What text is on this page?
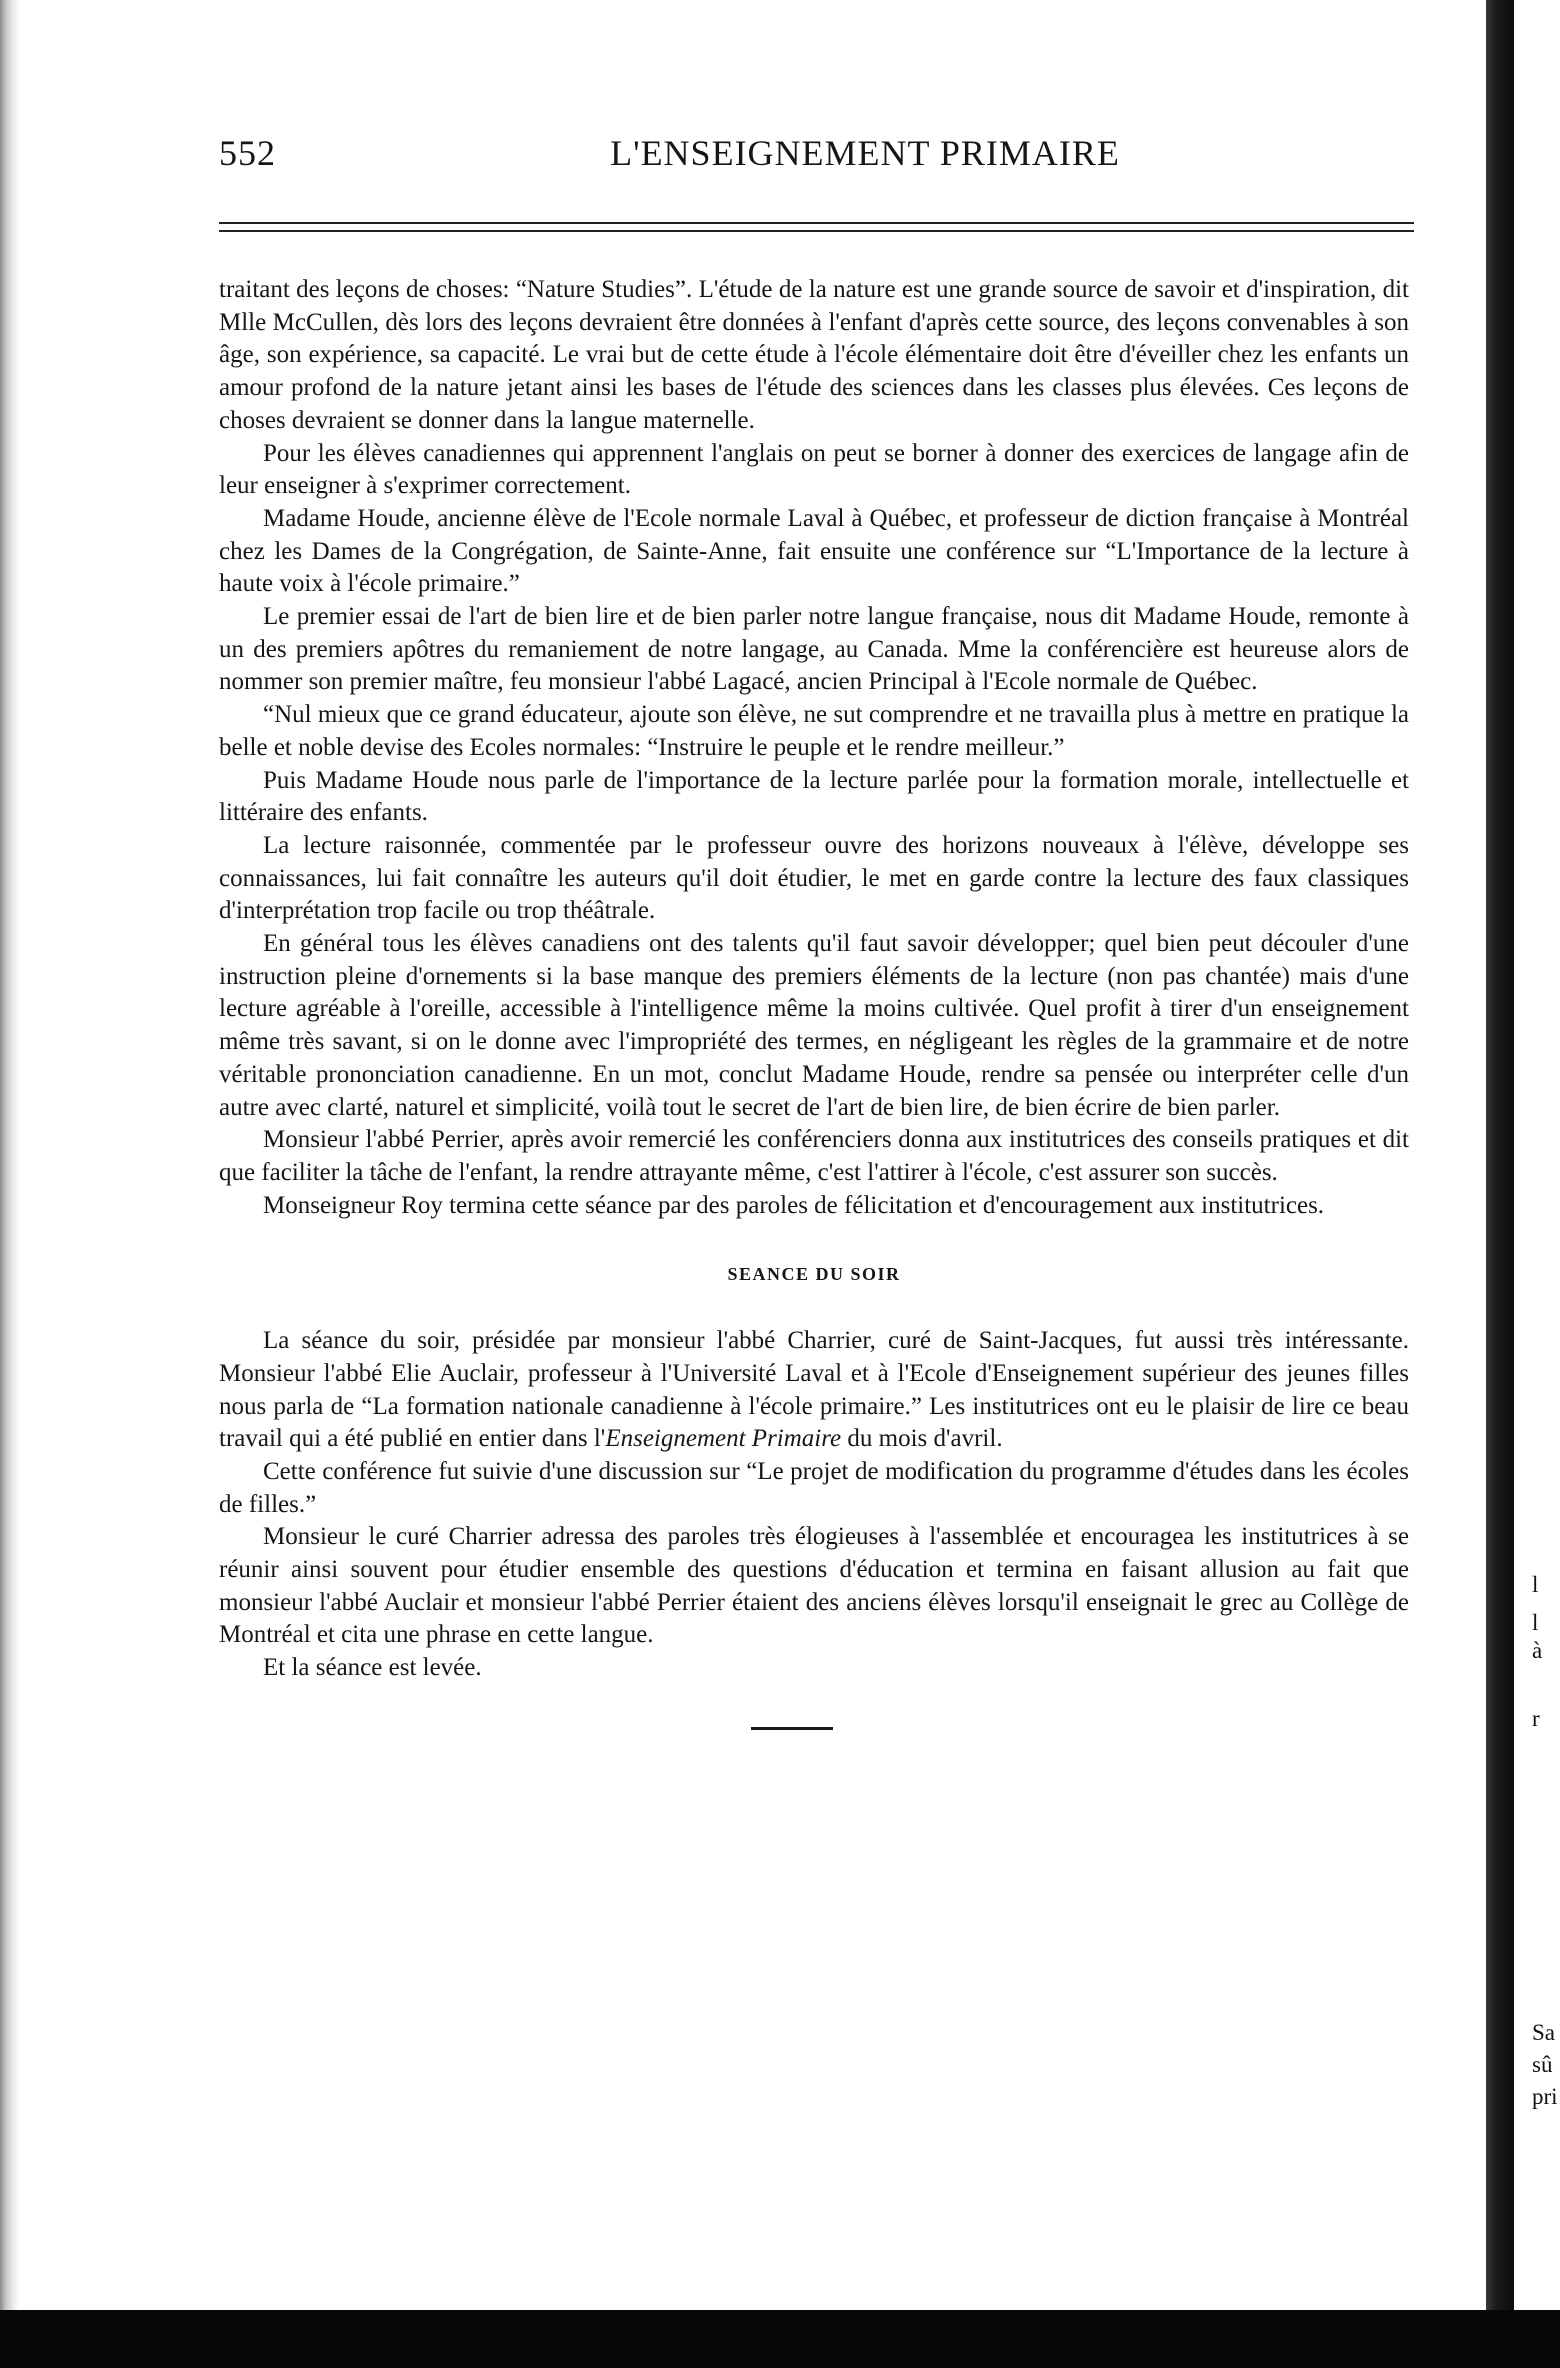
l
l
à
r
Sa
sû
pri
552	L'ENSEIGNEMENT PRIMAIRE

traitant des leçons de choses: “Nature Studies”. L'étude de la nature est une grande source de savoir et d'inspiration, dit Mlle McCullen, dès lors des leçons devraient être données à l'enfant d'après cette source, des leçons convenables à son âge, son expérience, sa capacité. Le vrai but de cette étude à l'école élémentaire doit être d'éveiller chez les enfants un amour profond de la nature jetant ainsi les bases de l'étude des sciences dans les classes plus élevées. Ces leçons de choses devraient se donner dans la langue maternelle.

Pour les élèves canadiennes qui apprennent l'anglais on peut se borner à donner des exercices de langage afin de leur enseigner à s'exprimer correctement.

Madame Houde, ancienne élève de l'Ecole normale Laval à Québec, et professeur de diction française à Montréal chez les Dames de la Congrégation, de Sainte-Anne, fait ensuite une conférence sur “L'Importance de la lecture à haute voix à l'école primaire.”

Le premier essai de l'art de bien lire et de bien parler notre langue française, nous dit Madame Houde, remonte à un des premiers apôtres du remaniement de notre langage, au Canada. Mme la conférencière est heureuse alors de nommer son premier maître, feu monsieur l'abbé Lagacé, ancien Principal à l'Ecole normale de Québec.

“Nul mieux que ce grand éducateur, ajoute son élève, ne sut comprendre et ne travailla plus à mettre en pratique la belle et noble devise des Ecoles normales: “Instruire le peuple et le rendre meilleur.”

Puis Madame Houde nous parle de l'importance de la lecture parlée pour la formation morale, intellectuelle et littéraire des enfants.

La lecture raisonnée, commentée par le professeur ouvre des horizons nouveaux à l'élève, développe ses connaissances, lui fait connaître les auteurs qu'il doit étudier, le met en garde contre la lecture des faux classiques d'interprétation trop facile ou trop théâtrale.

En général tous les élèves canadiens ont des talents qu'il faut savoir développer; quel bien peut découler d'une instruction pleine d'ornements si la base manque des premiers éléments de la lecture (non pas chantée) mais d'une lecture agréable à l'oreille, accessible à l'intelligence même la moins cultivée. Quel profit à tirer d'un enseignement même très savant, si on le donne avec l'impropriété des termes, en négligeant les règles de la grammaire et de notre véritable prononciation canadienne. En un mot, conclut Madame Houde, rendre sa pensée ou interpréter celle d'un autre avec clarté, naturel et simplicité, voilà tout le secret de l'art de bien lire, de bien écrire de bien parler.

Monsieur l'abbé Perrier, après avoir remercié les conférenciers donna aux institutrices des conseils pratiques et dit que faciliter la tâche de l'enfant, la rendre attrayante même, c'est l'attirer à l'école, c'est assurer son succès.

Monseigneur Roy termina cette séance par des paroles de félicitation et d'encouragement aux institutrices.

SEANCE DU SOIR

La séance du soir, présidée par monsieur l'abbé Charrier, curé de Saint-Jacques, fut aussi très intéressante. Monsieur l'abbé Elie Auclair, professeur à l'Université Laval et à l'Ecole d'Enseignement supérieur des jeunes filles nous parla de “La formation nationale canadienne à l'école primaire.” Les institutrices ont eu le plaisir de lire ce beau travail qui a été publié en entier dans l'Enseignement Primaire du mois d'avril.

Cette conférence fut suivie d'une discussion sur “Le projet de modification du programme d'études dans les écoles de filles.”

Monsieur le curé Charrier adressa des paroles très élogieuses à l'assemblée et encouragea les institutrices à se réunir ainsi souvent pour étudier ensemble des questions d'éducation et termina en faisant allusion au fait que monsieur l'abbé Auclair et monsieur l'abbé Perrier étaient des anciens élèves lorsqu'il enseignait le grec au Collège de Montréal et cita une phrase en cette langue.

Et la séance est levée.
